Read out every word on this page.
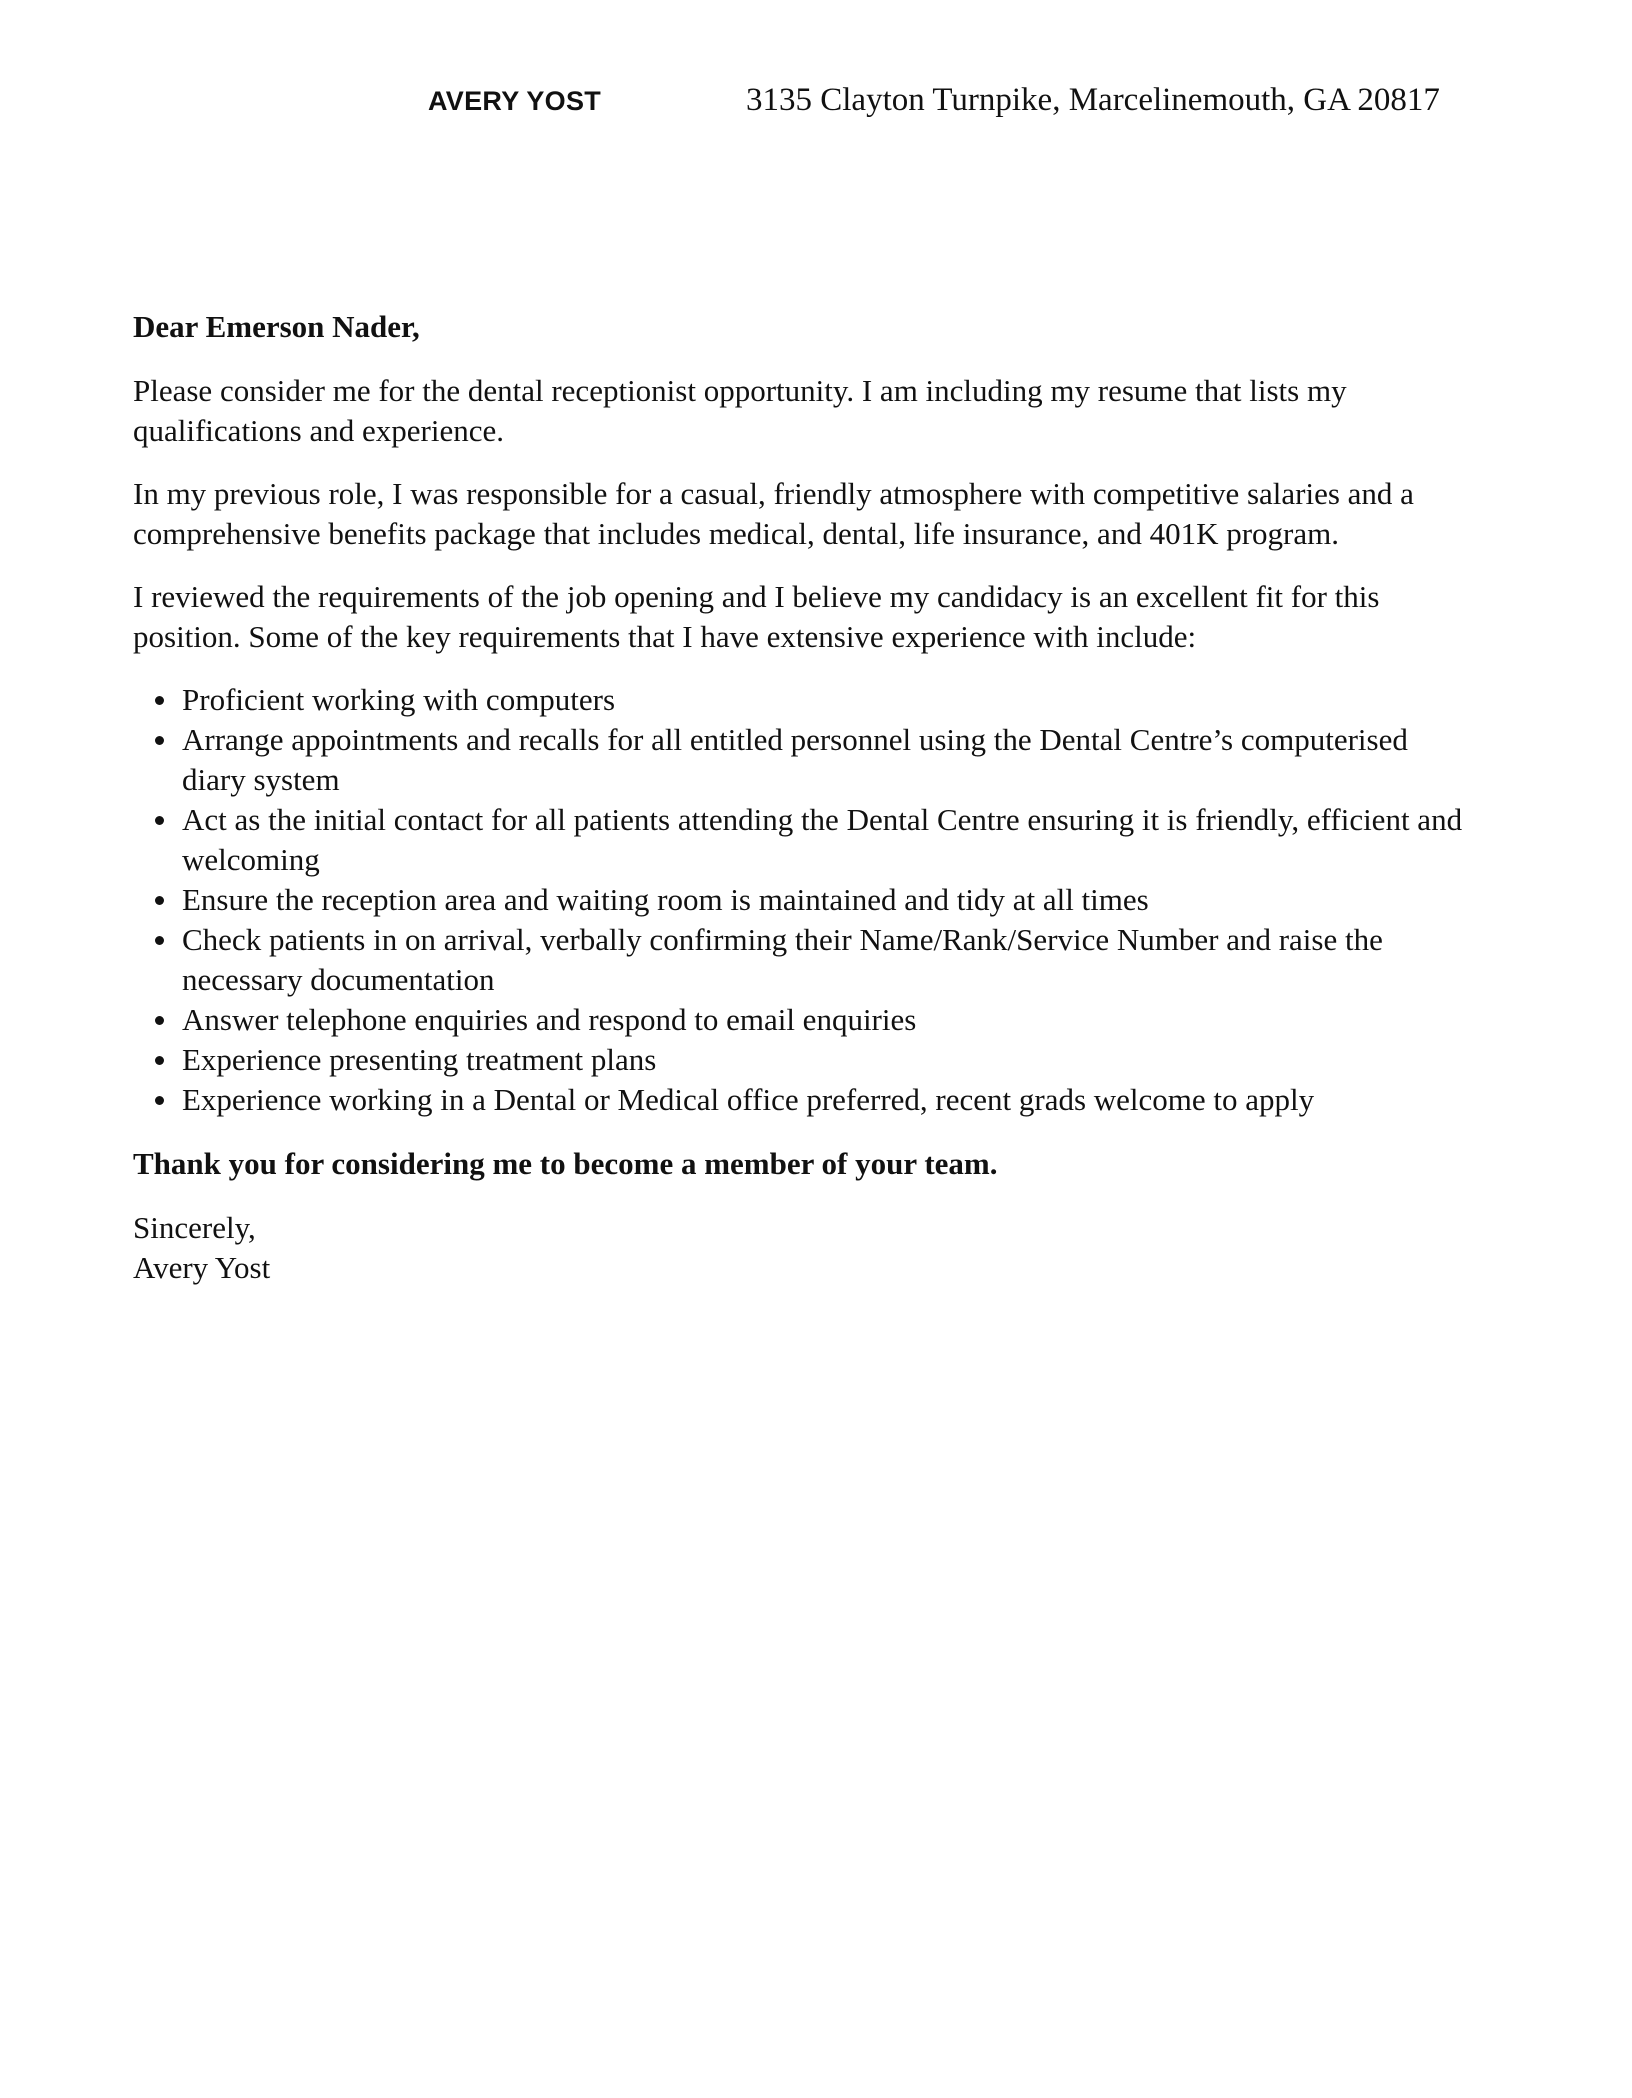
AVERY YOST	3135 Clayton Turnpike, Marcelinemouth, GA 20817

Dear Emerson Nader,

Please consider me for the dental receptionist opportunity. I am including my resume that lists my qualifications and experience.

In my previous role, I was responsible for a casual, friendly atmosphere with competitive salaries and a comprehensive benefits package that includes medical, dental, life insurance, and 401K program.

I reviewed the requirements of the job opening and I believe my candidacy is an excellent fit for this position. Some of the key requirements that I have extensive experience with include:

Proficient working with computers
Arrange appointments and recalls for all entitled personnel using the Dental Centre’s computerised diary system
Act as the initial contact for all patients attending the Dental Centre ensuring it is friendly, efficient and welcoming
Ensure the reception area and waiting room is maintained and tidy at all times
Check patients in on arrival, verbally confirming their Name/Rank/Service Number and raise the necessary documentation
Answer telephone enquiries and respond to email enquiries
Experience presenting treatment plans
Experience working in a Dental or Medical office preferred, recent grads welcome to apply

Thank you for considering me to become a member of your team.

Sincerely,

Avery Yost
